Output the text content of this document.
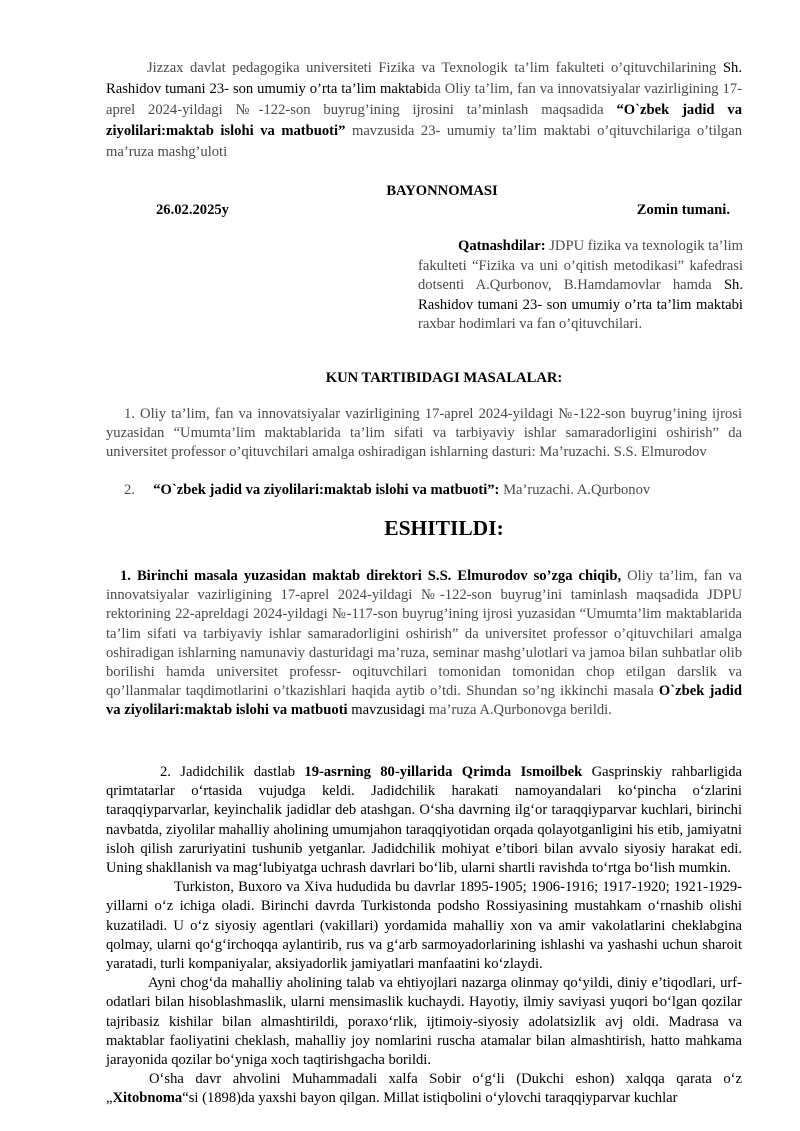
Jizzax davlat pedagogika universiteti Fizika va Texnologik ta’lim fakulteti o’qituvchilarining Sh. Rashidov tumani 23- son umumiy o’rta ta’lim maktabida Oliy ta’lim, fan va innovatsiyalar vazirligining 17-aprel 2024-yildagi №-122-son buyrug’ining ijrosini ta’minlash maqsadida “O`zbek jadid va ziyolilari:maktab islohi va matbuoti” mavzusida 23- umumiy ta’lim maktabi o’qituvchilariga o’tilgan ma’ruza mashg’uloti

BAYONNOMASI
26.02.2025y	Zomin tumani.

Qatnashdilar: JDPU fizika va texnologik ta’lim fakulteti “Fizika va uni o’qitish metodikasi” kafedrasi dotsenti A.Qurbonov, B.Hamdamovlar hamda Sh. Rashidov tumani 23- son umumiy o’rta ta’lim maktabi raxbar hodimlari va fan o’qituvchilari.

KUN TARTIBIDAGI MASALALAR:

1. Oliy ta’lim, fan va innovatsiyalar vazirligining 17-aprel 2024-yildagi №-122-son buyrug’ining ijrosi yuzasidan “Umumta’lim maktablarida ta’lim sifati va tarbiyaviy ishlar samaradorligini oshirish” da universitet professor o’qituvchilari amalga oshiradigan ishlarning dasturi: Ma’ruzachi. S.S. Elmurodov

2. “O`zbek jadid va ziyolilari:maktab islohi va matbuoti”: Ma’ruzachi. A.Qurbonov

ESHITILDI:

1. Birinchi masala yuzasidan maktab direktori S.S. Elmurodov so’zga chiqib, Oliy ta’lim, fan va innovatsiyalar vazirligining 17-aprel 2024-yildagi №-122-son buyrug’ini taminlash maqsadida JDPU rektorining 22-apreldagi 2024-yildagi №-117-son buyrug’ining ijrosi yuzasidan “Umumta’lim maktablarida ta’lim sifati va tarbiyaviy ishlar samaradorligini oshirish” da universitet professor o’qituvchilari amalga oshiradigan ishlarning namunaviy dasturidagi ma’ruza, seminar mashg’ulotlari va jamoa bilan suhbatlar olib borilishi hamda universitet professr- oqituvchilari tomonidan tomonidan chop etilgan darslik va qo’llanmalar taqdimotlarini o’tkazishlari haqida aytib o’tdi. Shundan so’ng ikkinchi masala O`zbek jadid va ziyolilari:maktab islohi va matbuoti mavzusidagi ma’ruza A.Qurbonovga berildi.

2. Jadidchilik dastlab 19-asrning 80-yillarida Qrimda Ismoilbek Gasprinskiy rahbarligida qrimtatarlar oʻrtasida vujudga keldi. Jadidchilik harakati namoyandalari koʻpincha oʻzlarini taraqqiyparvarlar, keyinchalik jadidlar deb atashgan. Oʻsha davrning ilgʻor taraqqiyparvar kuchlari, birinchi navbatda, ziyolilar mahalliy aholining umumjahon taraqqiyotidan orqada qolayotganligini his etib, jamiyatni isloh qilish zaruriyatini tushunib yetganlar. Jadidchilik mohiyat e’tibori bilan avvalo siyosiy harakat edi. Uning shakllanish va magʻlubiyatga uchrash davrlari boʻlib, ularni shartli ravishda toʻrtga boʻlish mumkin.

Turkiston, Buxoro va Xiva hududida bu davrlar 1895-1905; 1906-1916; 1917-1920; 1921-1929-yillarni oʻz ichiga oladi. Birinchi davrda Turkistonda podsho Rossiyasining mustahkam oʻrnashib olishi kuzatiladi. U oʻz siyosiy agentlari (vakillari) yordamida mahalliy xon va amir vakolatlarini cheklabgina qolmay, ularni qoʻgʻirchoqqa aylantirib, rus va gʻarb sarmoyadorlarining ishlashi va yashashi uchun sharoit yaratadi, turli kompaniyalar, aksiyadorlik jamiyatlari manfaatini koʻzlaydi.

Ayni chogʻda mahalliy aholining talab va ehtiyojlari nazarga olinmay qoʻyildi, diniy e’tiqodlari, urf-odatlari bilan hisoblashmaslik, ularni mensimaslik kuchaydi. Hayotiy, ilmiy saviyasi yuqori boʻlgan qozilar tajribasiz kishilar bilan almashtirildi, poraxoʻrlik, ijtimoiy-siyosiy adolatsizlik avj oldi. Madrasa va maktablar faoliyatini cheklash, mahalliy joy nomlarini ruscha atamalar bilan almashtirish, hatto mahkama jarayonida qozilar boʻyniga xoch taqtirishgacha borildi.

Oʻsha davr ahvolini Muhammadali xalfa Sobir oʻgʻli (Dukchi eshon) xalqqa qarata oʻz „Xitobnoma“si (1898)da yaxshi bayon qilgan. Millat istiqbolini oʻylovchi taraqqiyparvar kuchlar
